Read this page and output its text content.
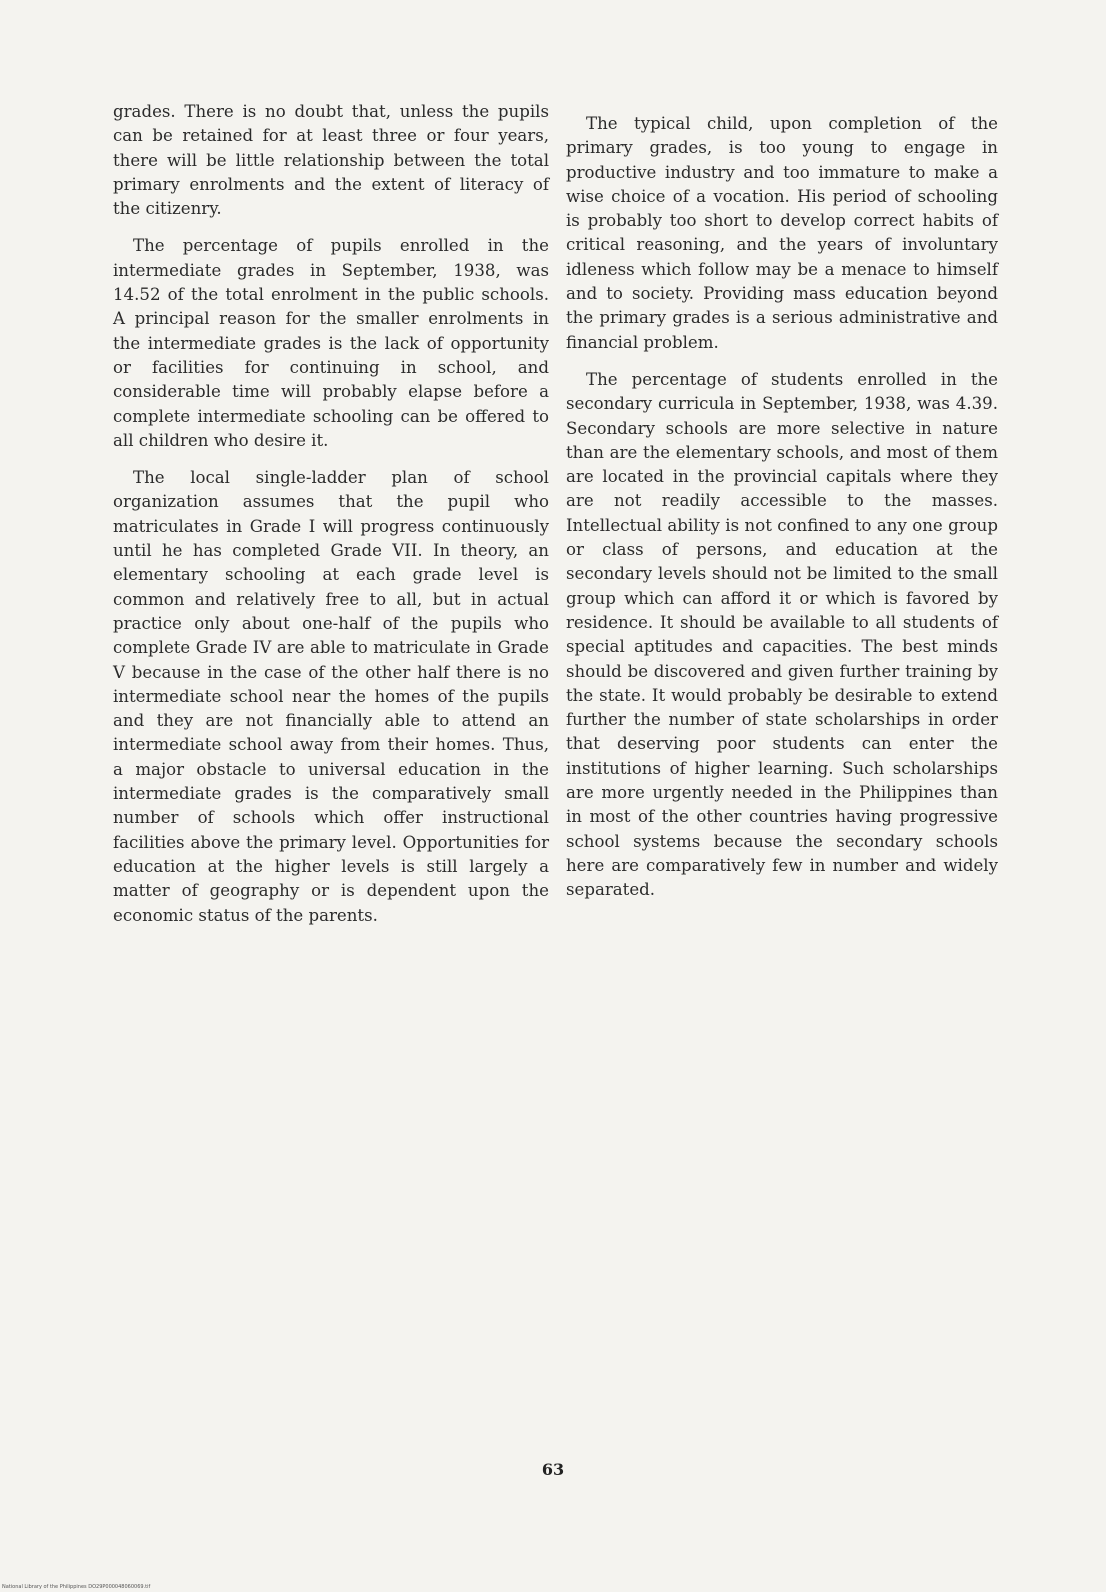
grades. There is no doubt that, unless the pupils can be retained for at least three or four years, there will be little relationship between the total primary enrolments and the extent of literacy of the citizenry.

The percentage of pupils enrolled in the intermediate grades in September, 1938, was 14.52 of the total enrolment in the public schools. A principal reason for the smaller enrolments in the intermediate grades is the lack of opportunity or facilities for continuing in school, and considerable time will probably elapse before a complete intermediate schooling can be offered to all children who desire it.

The local single-ladder plan of school organization assumes that the pupil who matriculates in Grade I will progress continuously until he has completed Grade VII. In theory, an elementary schooling at each grade level is common and relatively free to all, but in actual practice only about one-half of the pupils who complete Grade IV are able to matriculate in Grade V because in the case of the other half there is no intermediate school near the homes of the pupils and they are not financially able to attend an intermediate school away from their homes. Thus, a major obstacle to universal education in the intermediate grades is the comparatively small number of schools which offer instructional facilities above the primary level. Opportunities for education at the higher levels is still largely a matter of geography or is dependent upon the economic status of the parents.

The typical child, upon completion of the primary grades, is too young to engage in productive industry and too immature to make a wise choice of a vocation. His period of schooling is probably too short to develop correct habits of critical reasoning, and the years of involuntary idleness which follow may be a menace to himself and to society. Providing mass education beyond the primary grades is a serious administrative and financial problem.

The percentage of students enrolled in the secondary curricula in September, 1938, was 4.39. Secondary schools are more selective in nature than are the elementary schools, and most of them are located in the provincial capitals where they are not readily accessible to the masses. Intellectual ability is not confined to any one group or class of persons, and education at the secondary levels should not be limited to the small group which can afford it or which is favored by residence. It should be available to all students of special aptitudes and capacities. The best minds should be discovered and given further training by the state. It would probably be desirable to extend further the number of state scholarships in order that deserving poor students can enter the institutions of higher learning. Such scholarships are more urgently needed in the Philippines than in most of the other countries having progressive school systems because the secondary schools here are comparatively few in number and widely separated.

63
National Library of the Philippines DO29P000048060069.tif
